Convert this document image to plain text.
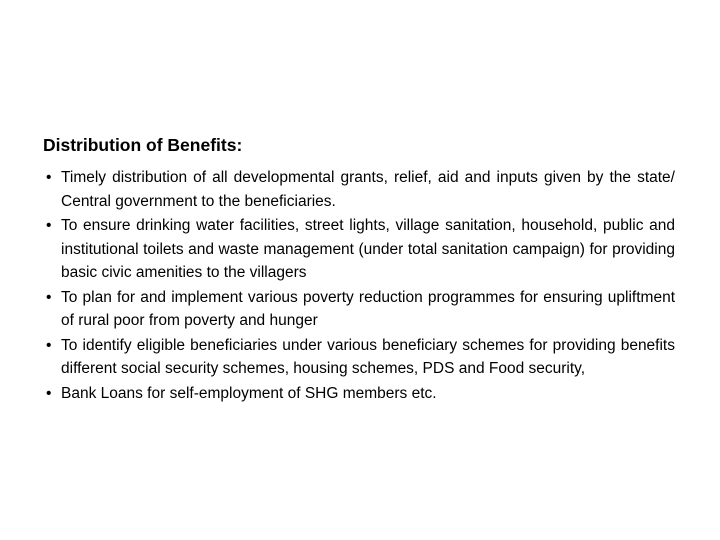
Distribution of Benefits:
• Timely distribution of all developmental grants, relief, aid and inputs given by the state/ Central government to the beneficiaries.
• To ensure drinking water facilities, street lights, village sanitation, household, public and institutional toilets and waste management (under total sanitation campaign) for providing basic civic amenities to the villagers
• To plan for and implement various poverty reduction programmes for ensuring upliftment of rural poor from poverty and hunger
• To identify eligible beneficiaries under various beneficiary schemes for providing benefits different social security schemes, housing schemes, PDS and Food security,
• Bank Loans for self-employment of SHG members etc.
